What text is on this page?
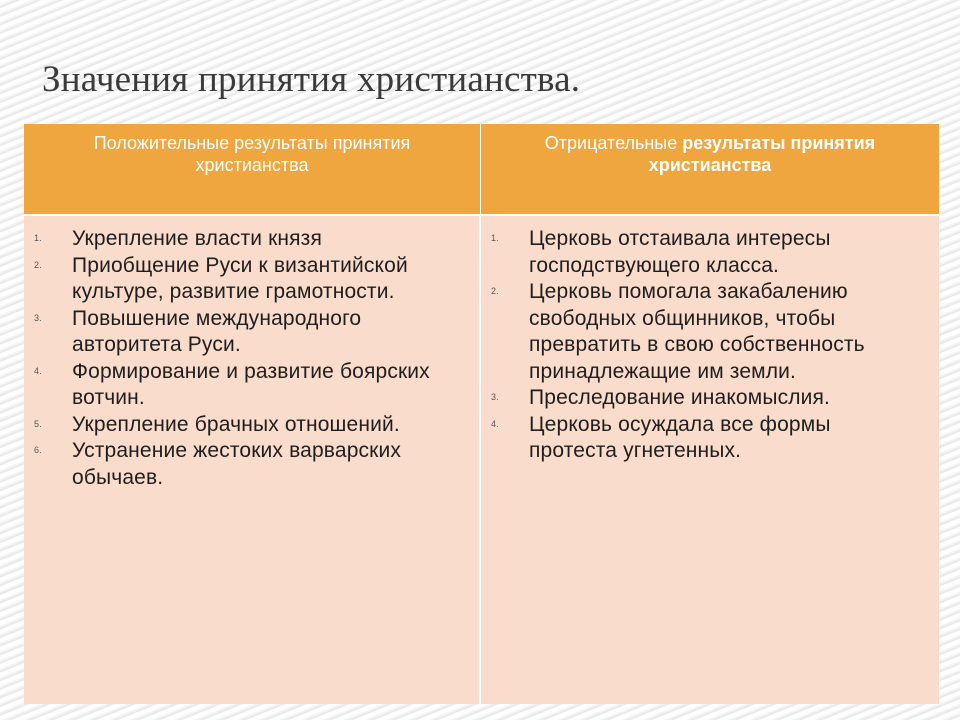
Значения принятия христианства.
Положительные результаты принятия христианства
Отрицательные результаты принятия христианства
1. Укрепление власти князя
2. Приобщение Руси к византийской культуре, развитие грамотности.
3. Повышение международного авторитета Руси.
4. Формирование и развитие боярских вотчин.
5. Укрепление брачных отношений.
6. Устранение жестоких варварских обычаев.
1. Церковь отстаивала интересы господствующего класса.
2. Церковь помогала закабалению свободных общинников, чтобы превратить в свою собственность принадлежащие им земли.
3. Преследование инакомыслия.
4. Церковь осуждала все формы протеста угнетенных.
